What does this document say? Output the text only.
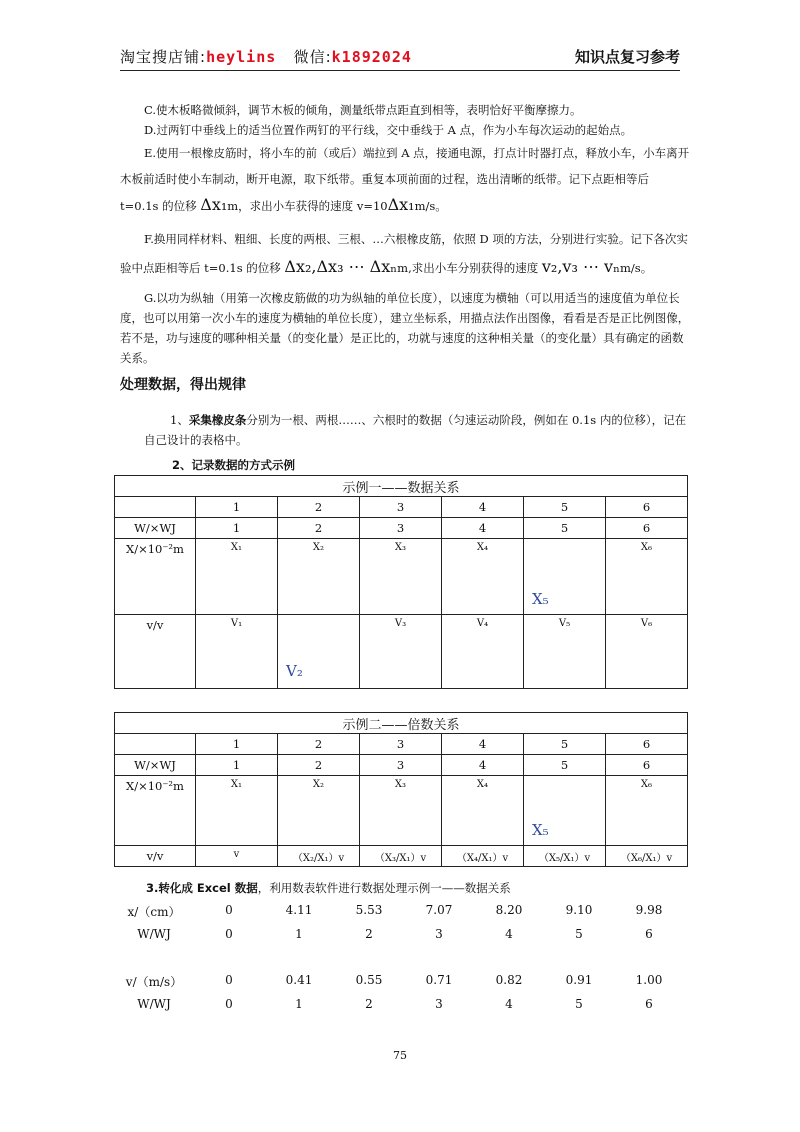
淘宝搜店铺:heylins 微信:k1892024	知识点复习参考
C.使木板略微倾斜，调节木板的倾角，测量纸带点距直到相等，表明恰好平衡摩擦力。
D.过两钉中垂线上的适当位置作两钉的平行线，交中垂线于 A 点，作为小车每次运动的起始点。
E.使用一根橡皮筋时，将小车的前（或后）端拉到 A 点，接通电源，打点计时器打点，释放小车，小车离开木板前适时使小车制动，断开电源，取下纸带。重复本项前面的过程，选出清晰的纸带。记下点距相等后 t=0.1s 的位移 Δx₁m，求出小车获得的速度 v=10Δx₁m/s。
F.换用同样材料、粗细、长度的两根、三根、…六根橡皮筋，依照 D 项的方法，分别进行实验。记下各次实验中点距相等后 t=0.1s 的位移 Δx₂,Δx₃ ⋯ Δxₙm,求出小车分别获得的速度 v₂,v₃ ⋯ vₙm/s。
G.以功为纵轴（用第一次橡皮筋做的功为纵轴的单位长度），以速度为横轴（可以用适当的速度值为单位长度，也可以用第一次小车的速度为横轴的单位长度），建立坐标系，用描点法作出图像，看看是否是正比例图像，若不是，功与速度的哪种相关量（的变化量）是正比的，功就与速度的这种相关量（的变化量）具有确定的函数关系。
处理数据，得出规律
1、采集橡皮条分别为一根、两根……、六根时的数据（匀速运动阶段，例如在 0.1s 内的位移），记在自己设计的表格中。
2、记录数据的方式示例
示例一——数据关系						
	1	2	3	4	5	6
W/×WJ	1	2	3	4	5	6
X/×10⁻²m	X₁	X₂	X₃	X₄	X₅	X₆
v/v	V₁	V₂	V₃	V₄	V₅	V₆
示例二——倍数关系						
	1	2	3	4	5	6
W/×WJ	1	2	3	4	5	6
X/×10⁻²m	X₁	X₂	X₃	X₄	X₅	X₆
v/v	v	（X₂/X₁）v	（X₃/X₁）v	（X₄/X₁）v	（X₅/X₁）v	（X₆/X₁）v
3.转化成 Excel 数据，利用数表软件进行数据处理示例一——数据关系
x/（cm）	0	4.11	5.53	7.07	8.20	9.10	9.98
W/WJ	0	1	2	3	4	5	6
v/（m/s）	0	0.41	0.55	0.71	0.82	0.91	1.00
W/WJ	0	1	2	3	4	5	6
75
